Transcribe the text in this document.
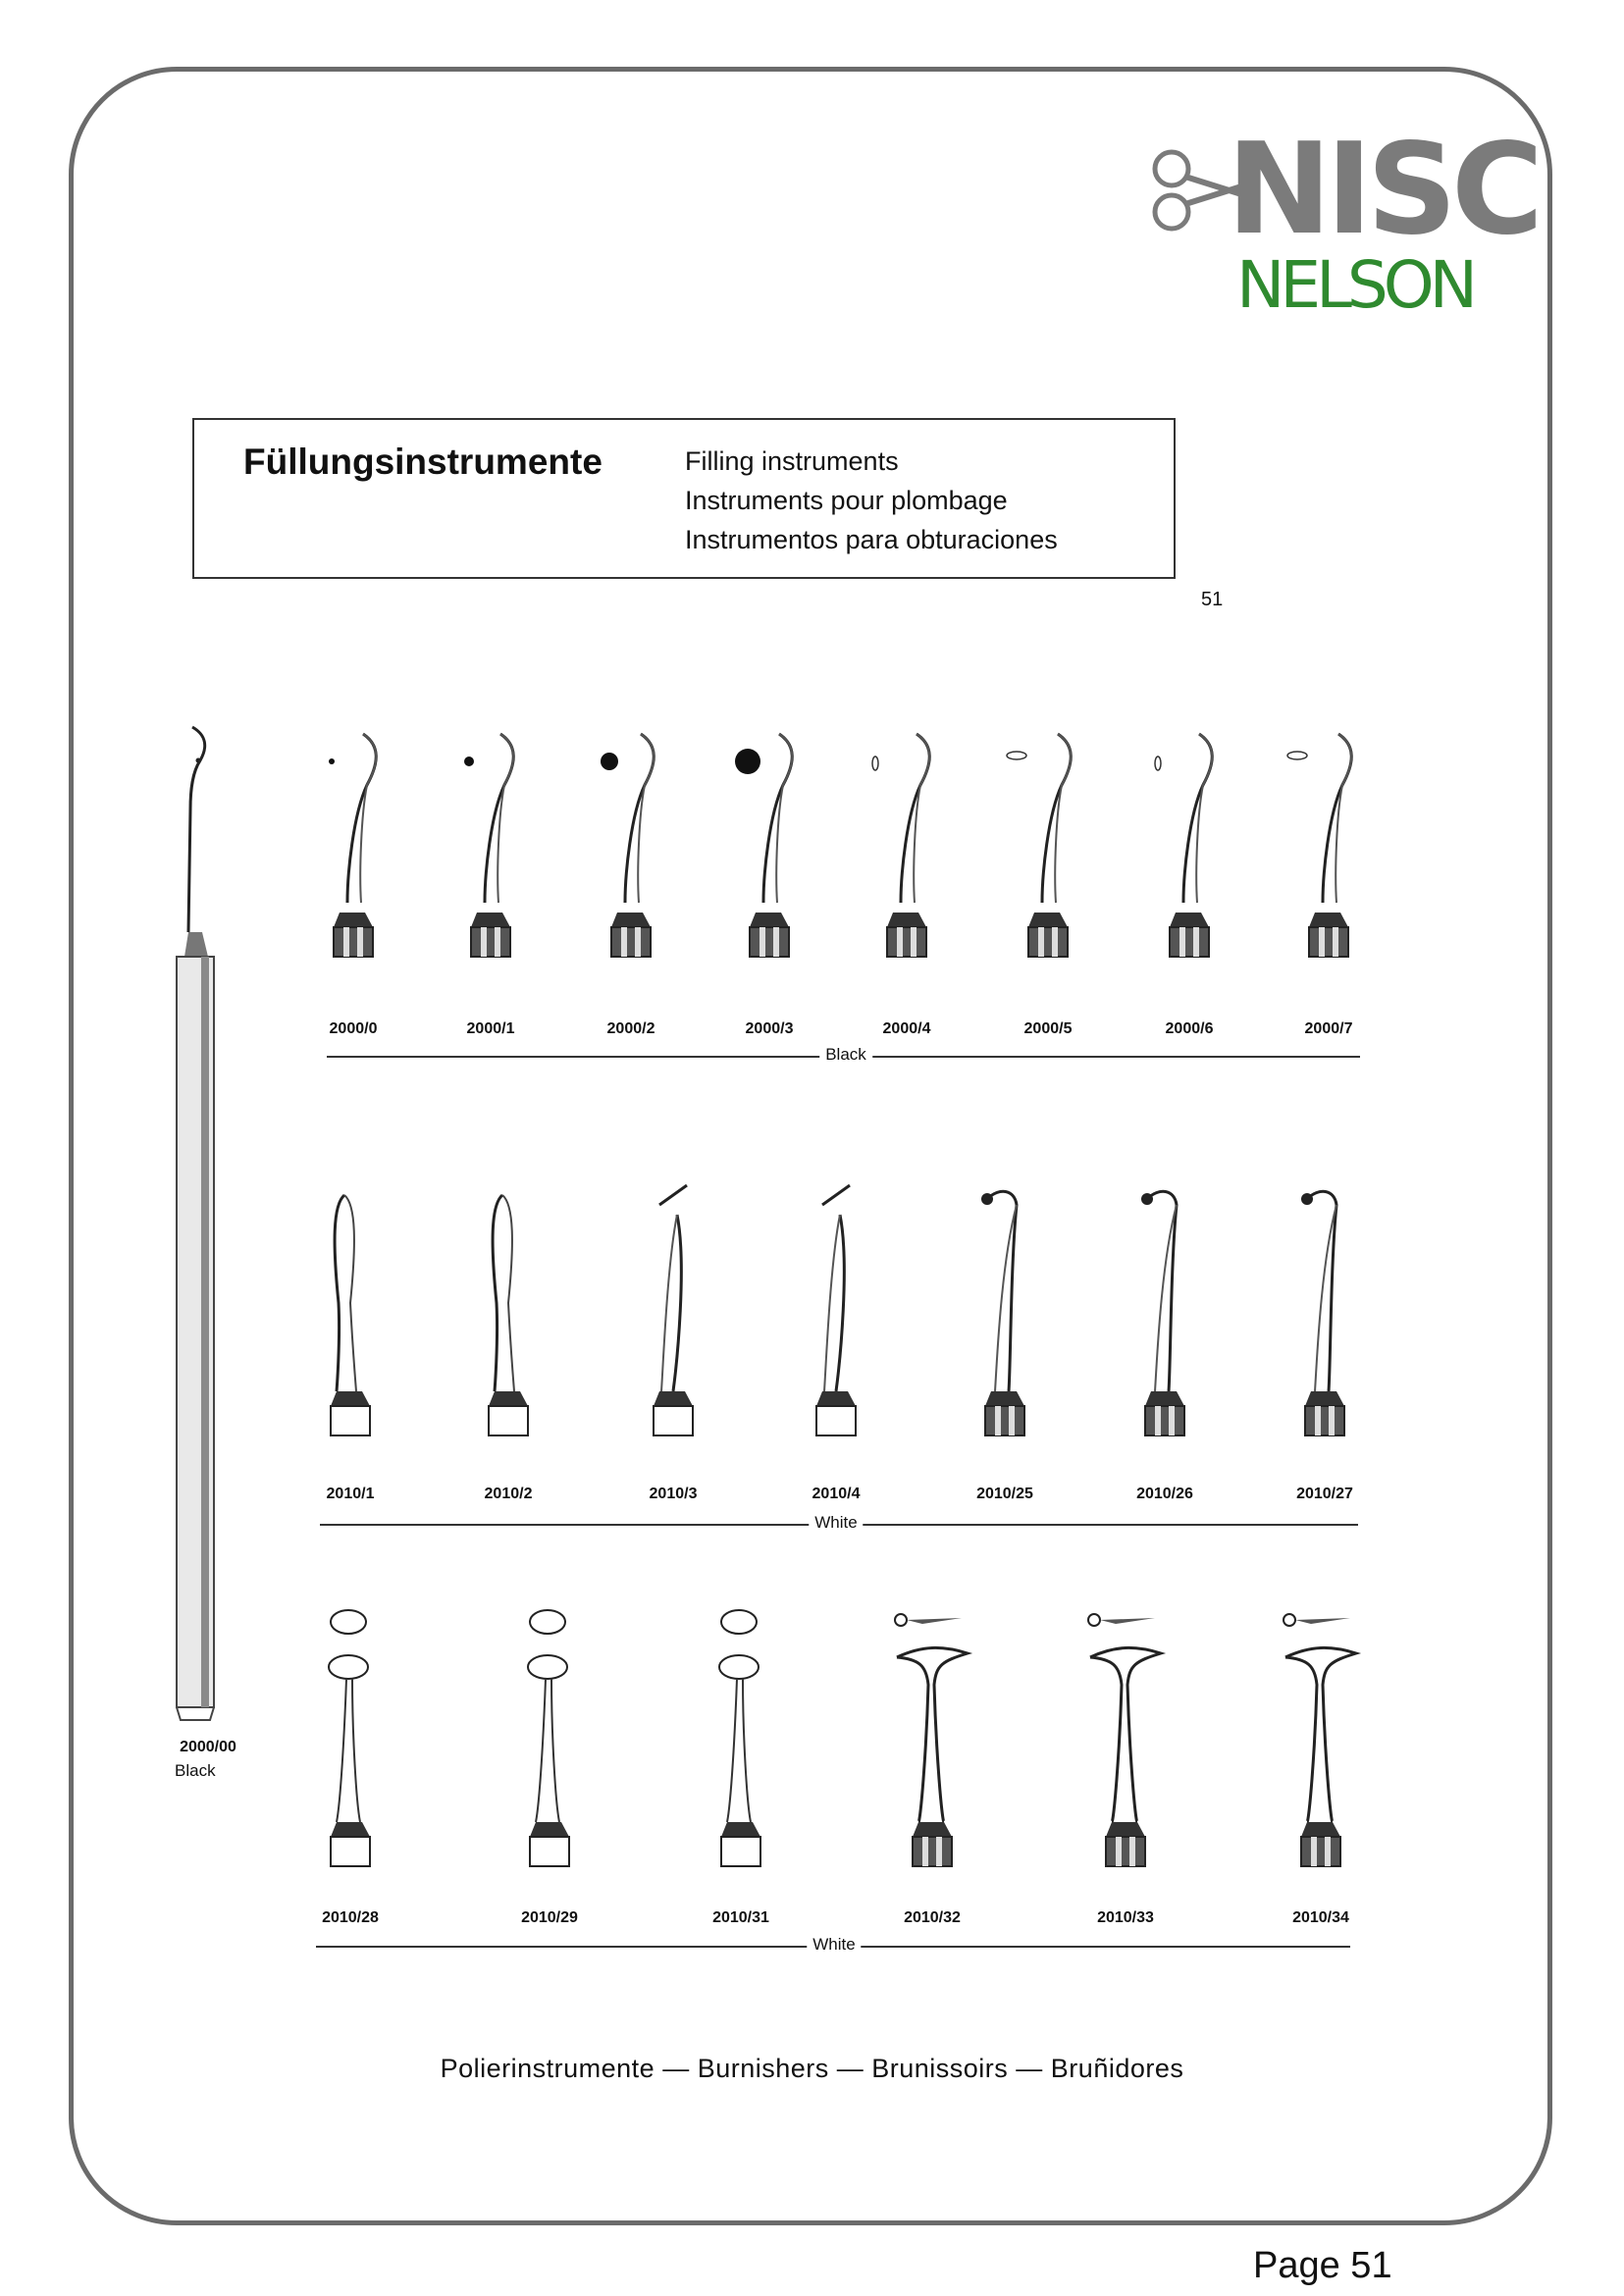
NISC
NELSON
Füllungsinstrumente	Filling instruments
Instruments pour plombage
Instrumentos para obturaciones
51
2000/00
Black
2000/0	2000/1	2000/2	2000/3	2000/4	2000/5	2000/6	2000/7
Black
2010/1	2010/2	2010/3	2010/4	2010/25	2010/26	2010/27
White
2010/28	2010/29	2010/31	2010/32	2010/33	2010/34
White
Polierinstrumente — Burnishers — Brunissoirs — Bruñidores
Page 51
